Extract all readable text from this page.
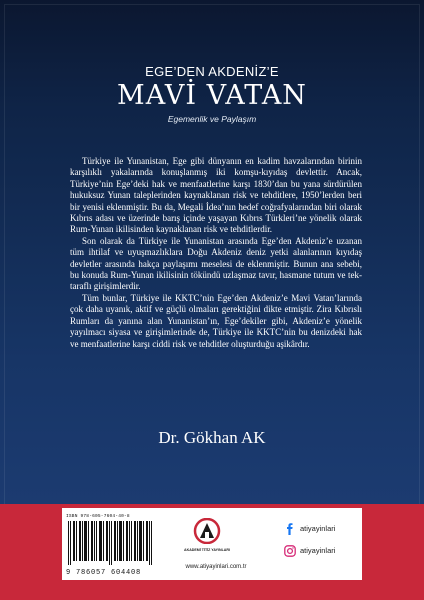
EGE’DEN AKDENİZ’E
MAVİ VATAN
Egemenlik ve Paylaşım

Türkiye ile Yunanistan, Ege gibi dünyanın en kadim havzalarından birinin karşılıklı yakalarında konuşlanmış iki komşu-kıyıdaş devlettir. Ancak, Türkiye’nin Ege’deki hak ve menfaatlerine karşı 1830’dan bu yana sürdürülen hukuksuz Yunan taleplerinden kaynaklanan risk ve tehditlere, 1950’lerden beri bir yenisi eklenmiştir. Bu da, Megali İdea’nın hedef coğrafyalarından biri olarak Kıbrıs adası ve üzerinde barış içinde yaşayan Kıbrıs Türkleri’ne yönelik olarak Rum-Yunan ikilisinden kaynaklanan risk ve tehditlerdir.

Son olarak da Türkiye ile Yunanistan arasında Ege’den Akdeniz’e uzanan tüm ihtilaf ve uyuşmazlıklara Doğu Akdeniz deniz yetki alanlarının kıyıdaş devletler arasında hakça paylaşımı meselesi de eklenmiştir. Bunun ana sebebi, bu konuda Rum-Yunan ikilisinin tökündü uzlaşmaz tavır, hasmane tutum ve tek-taraflı girişimlerdir.

Tüm bunlar, Türkiye ile KKTC’nin Ege’den Akdeniz’e Mavi Vatan’larında çok daha uyanık, aktif ve güçlü olmaları gerektiğini dikte etmiştir. Zira Kıbrıslı Rumları da yanına alan Yunanistan’ın, Ege’dekiler gibi, Akdeniz’e yönelik yayılmacı siyasa ve girişimlerinde de, Türkiye ile KKTC’nin bu denizdeki hak ve menfaatlerine karşı ciddi risk ve tehditler oluşturduğu aşikârdır.

Dr. Gökhan AK
ISBN 978-605-7604-40-8
9 786057 604408
AKADEMİ TİTİZ YAYINLARI
www.atiyayinlari.com.tr
atiyayinlari
atiyayinlari
